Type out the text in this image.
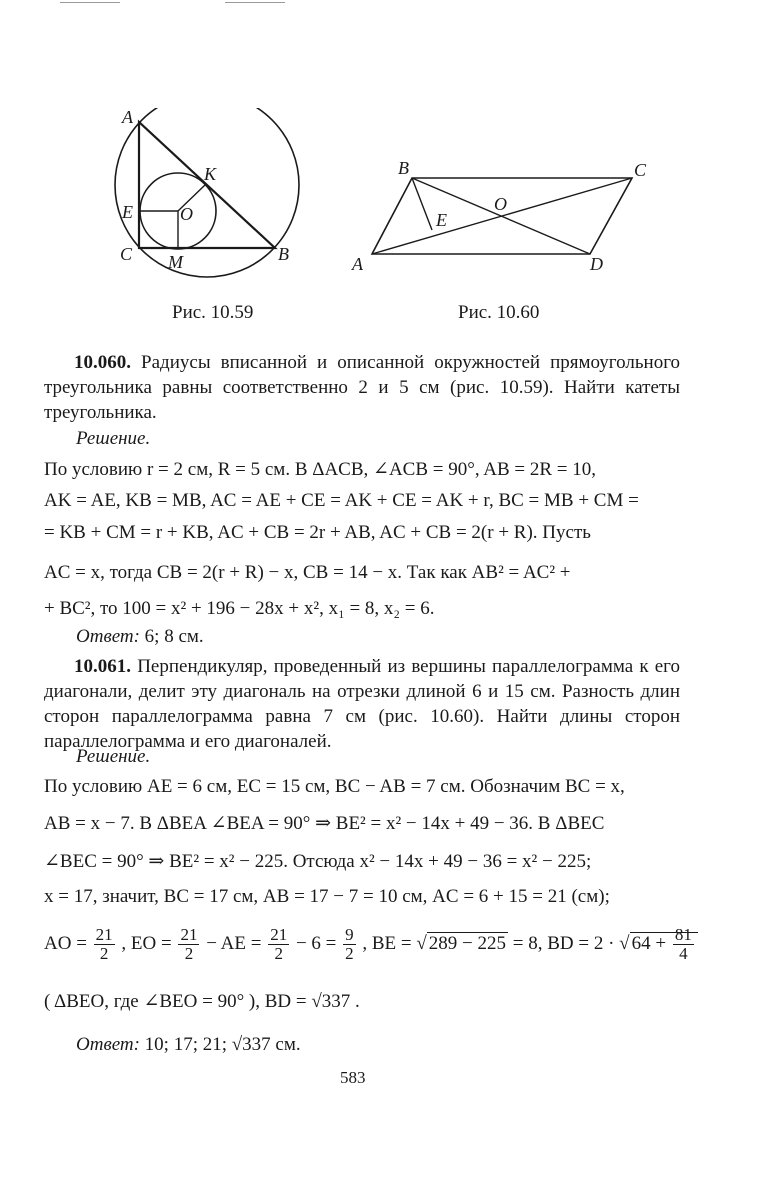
A
K
E	O
C M	B
B	C
O
E
A	D
Рис. 10.59	Рис. 10.60
10.060. Радиусы вписанной и описанной окружностей прямоугольного треугольника равны соответственно 2 и 5 см (рис. 10.59). Найти катеты треугольника.
Решение.
По условию r = 2 см, R = 5 см. В ΔACB, ∠ACB = 90°, AB = 2R = 10,
AK = AE, KB = MB, AC = AE + CE = AK + CE = AK + r, BC = MB + CM =
= KB + CM = r + KB, AC + CB = 2r + AB, AC + CB = 2(r + R). Пусть
AC = x, тогда CB = 2(r + R) − x, CB = 14 − x. Так как AB² = AC² +
+ BC², то 100 = x² + 196 − 28x + x², x₁ = 8, x₂ = 6.
Ответ: 6; 8 см.
10.061. Перпендикуляр, проведенный из вершины параллелограмма к его диагонали, делит эту диагональ на отрезки длиной 6 и 15 см. Разность длин сторон параллелограмма равна 7 см (рис. 10.60). Найти длины сторон параллелограмма и его диагоналей.
Решение.
По условию AE = 6 см, EC = 15 см, BC − AB = 7 см. Обозначим BC = x,
AB = x − 7. В ΔBEA ∠BEA = 90° ⇒ BE² = x² − 14x + 49 − 36. В ΔBEC
∠BEC = 90° ⇒ BE² = x² − 225. Отсюда x² − 14x + 49 − 36 = x² − 225;
x = 17, значит, BC = 17 см, AB = 17 − 7 = 10 см, AC = 6 + 15 = 21 (см);
AO = $\frac{21}{2}$ , EO = $\frac{21}{2}$ − AE = $\frac{21}{2} - 6 = \frac{9}{2}$ , BE = √ 289 − 225 = 8, BD = 2 · √ $64 + \frac{81}{4}$
( ΔBEO, где ∠BEO = 90° ), BD = √337 .
Ответ: 10; 17; 21; √337 см.
583
